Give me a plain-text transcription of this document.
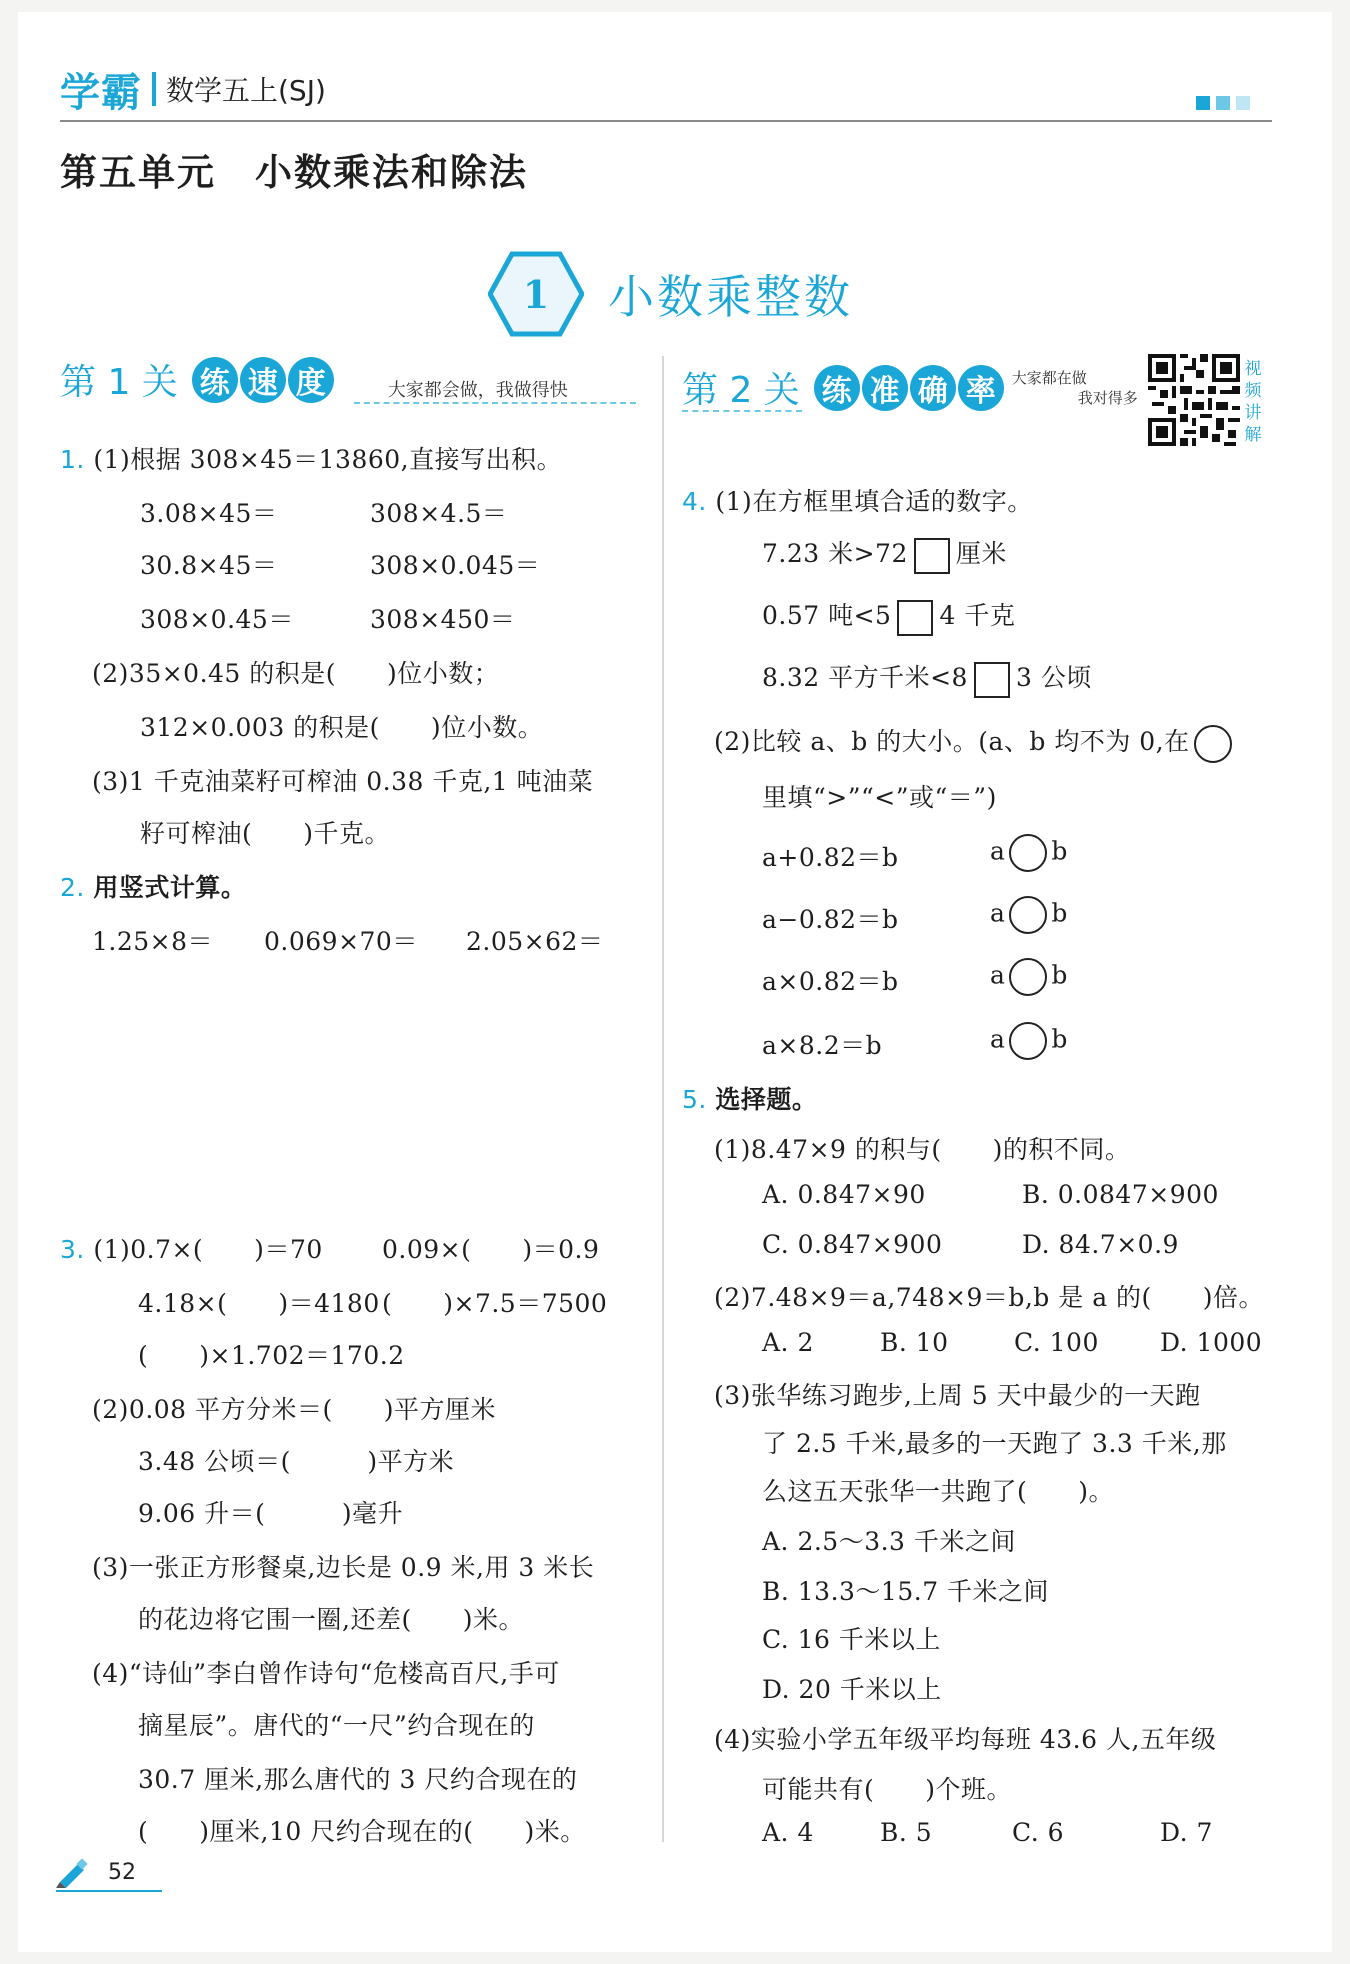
学霸 数学五上(SJ)
第五单元　小数乘法和除法
1 小数乘整数
第 1 关 练 速 度	大家都会做，我做得快	第 2 关 练 准 确 率	大家都在做
我对得多
视
频
讲
解
1. (1)根据 308×45＝13860,直接写出积。
3.08×45＝	308×4.5＝
30.8×45＝	308×0.045＝
308×0.45＝	308×450＝
(2)35×0.45 的积是(　　)位小数；
312×0.003 的积是(　　)位小数。
(3)1 千克油菜籽可榨油 0.38 千克,1 吨油菜
籽可榨油(　　)千克。
2. 用竖式计算。
1.25×8＝ 0.069×70＝ 2.05×62＝
3. (1)0.7×(　　)＝70 0.09×(　　)＝0.9
4.18×(　　)＝4180 (　　)×7.5＝7500
(　　)×1.702＝170.2
(2)0.08 平方分米＝(　　)平方厘米
3.48 公顷＝(　　　)平方米
9.06 升＝(　　　)毫升
(3)一张正方形餐桌,边长是 0.9 米,用 3 米长
的花边将它围一圈,还差(　　)米。
(4)“诗仙”李白曾作诗句“危楼高百尺,手可
摘星辰”。唐代的“一尺”约合现在的
30.7 厘米,那么唐代的 3 尺约合现在的
(　　)厘米,10 尺约合现在的(　　)米。
4. (1)在方框里填合适的数字。
7.23 米>72 厘米
0.57 吨<5 4 千克
8.32 平方千米<8 3 公顷
(2)比较 a、b 的大小。(a、b 均不为 0,在
里填“>”“<”或“＝”)
a+0.82＝b	a b
a−0.82＝b	a b
a×0.82＝b	a b
a×8.2＝b	a b
5. 选择题。
(1)8.47×9 的积与(　　)的积不同。
A. 0.847×90	B. 0.0847×900
C. 0.847×900	D. 84.7×0.9
(2)7.48×9＝a,748×9＝b,b 是 a 的(　　)倍。
A. 2	B. 10	C. 100 D. 1000
(3)张华练习跑步,上周 5 天中最少的一天跑
了 2.5 千米,最多的一天跑了 3.3 千米,那
么这五天张华一共跑了(　　)。
A. 2.5～3.3 千米之间
B. 13.3～15.7 千米之间
C. 16 千米以上
D. 20 千米以上
(4)实验小学五年级平均每班 43.6 人,五年级
可能共有(　　)个班。
A. 4	B. 5	C. 6	D. 7
52
